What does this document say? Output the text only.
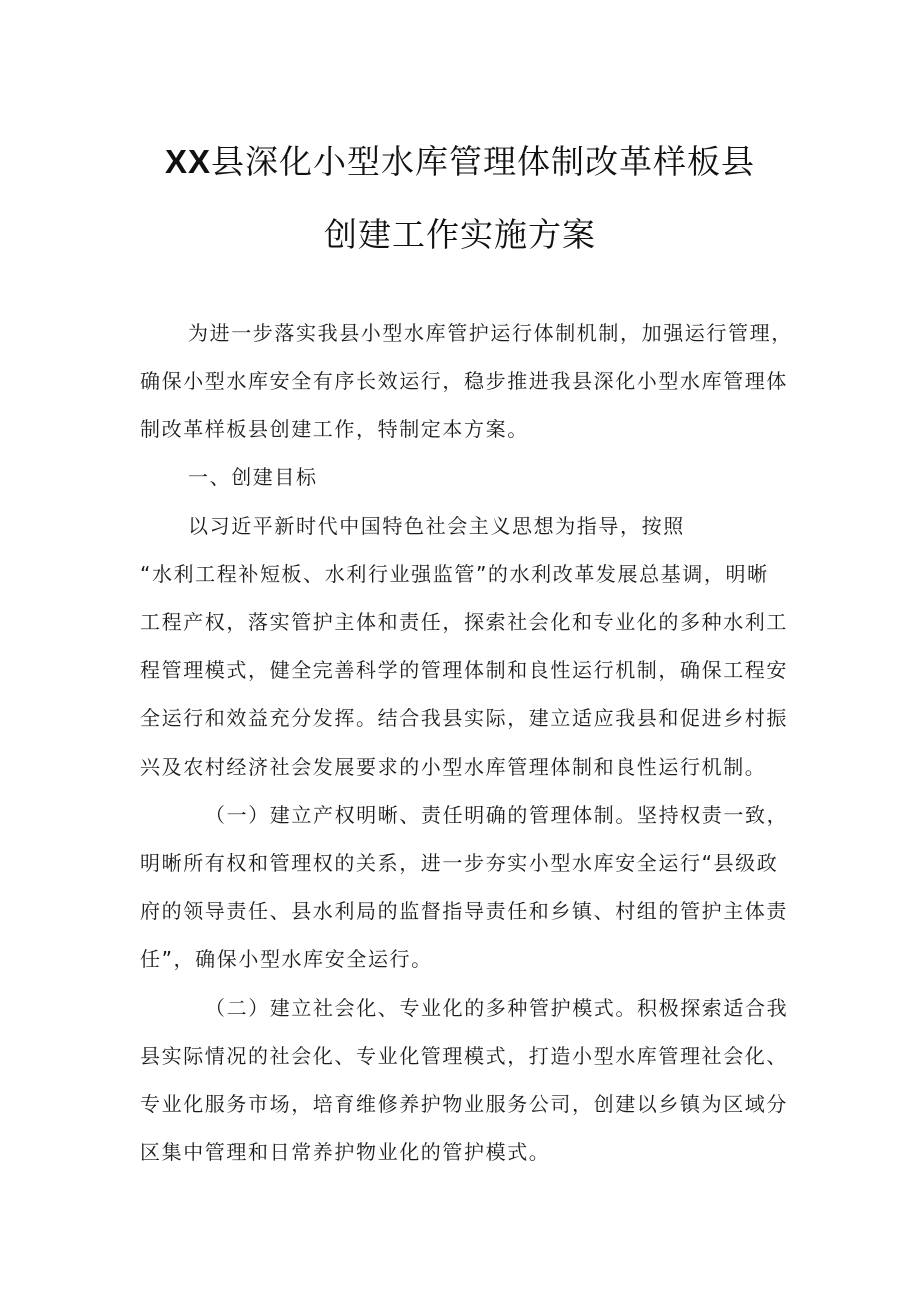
XX县深化小型水库管理体制改革样板县
创建工作实施方案
为进一步落实我县小型水库管护运行体制机制，加强运行管理，
确保小型水库安全有序长效运行，稳步推进我县深化小型水库管理体
制改革样板县创建工作，特制定本方案。
一、创建目标
以习近平新时代中国特色社会主义思想为指导，按照
“水利工程补短板、水利行业强监管”的水利改革发展总基调，明晰
工程产权，落实管护主体和责任，探索社会化和专业化的多种水利工
程管理模式，健全完善科学的管理体制和良性运行机制，确保工程安
全运行和效益充分发挥。结合我县实际，建立适应我县和促进乡村振
兴及农村经济社会发展要求的小型水库管理体制和良性运行机制。
（一）建立产权明晰、责任明确的管理体制。坚持权责一致，
明晰所有权和管理权的关系，进一步夯实小型水库安全运行“县级政
府的领导责任、县水利局的监督指导责任和乡镇、村组的管护主体责
任”，确保小型水库安全运行。
（二）建立社会化、专业化的多种管护模式。积极探索适合我
县实际情况的社会化、专业化管理模式，打造小型水库管理社会化、
专业化服务市场，培育维修养护物业服务公司，创建以乡镇为区域分
区集中管理和日常养护物业化的管护模式。
